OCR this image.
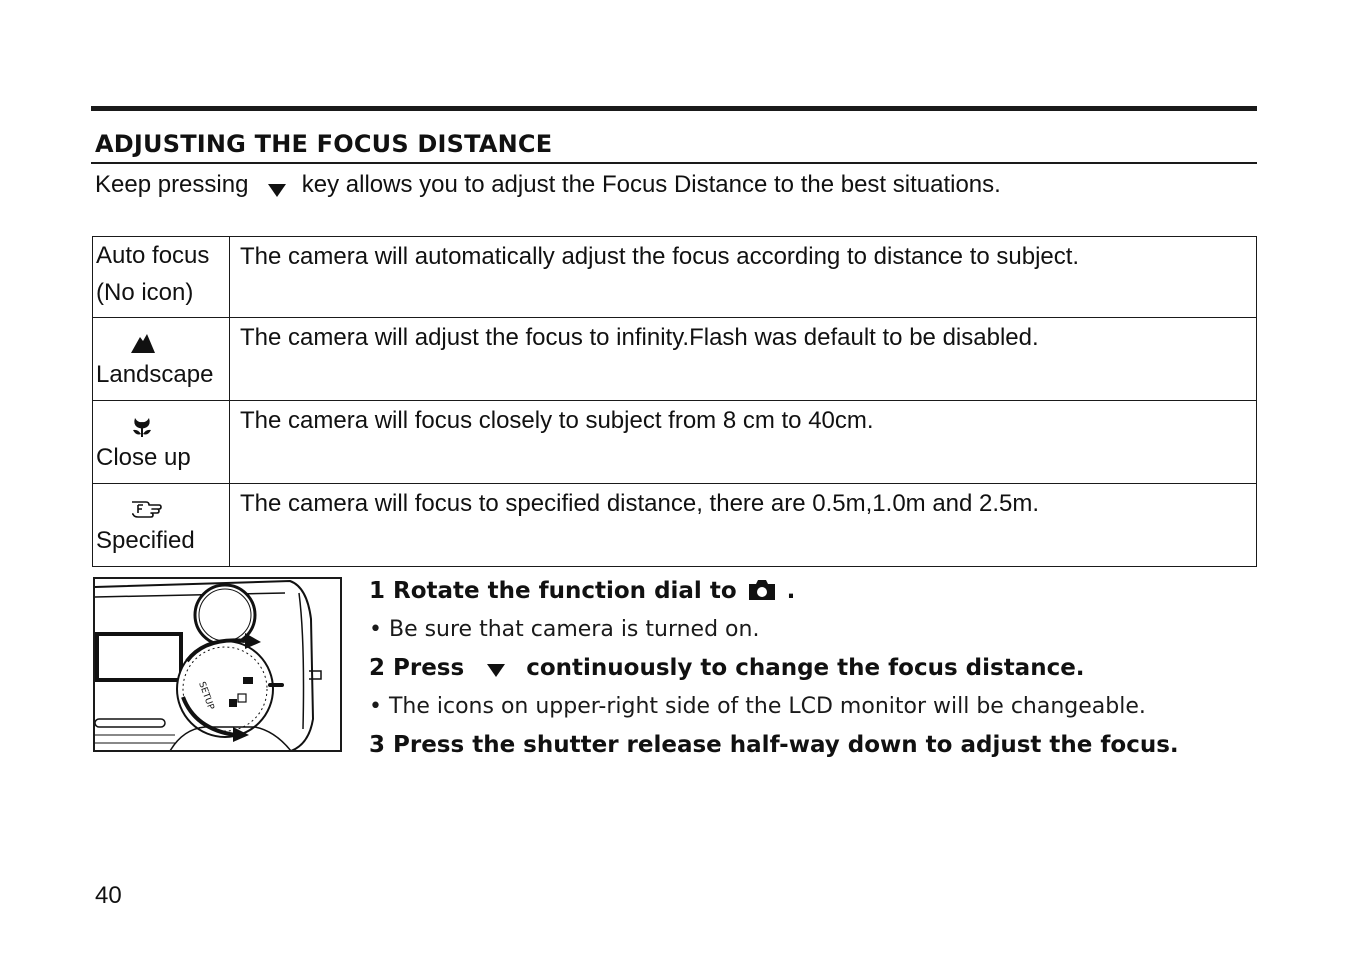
ADJUSTING THE FOCUS DISTANCE
Keep pressing key allows you to adjust the Focus Distance to the best situations.
Auto focus
(No icon)	The camera will automatically adjust the focus according to distance to subject.

Landscape	The camera will adjust the focus to infinity.Flash was default to be disabled.

Close up	The camera will focus closely to subject from 8 cm to 40cm.

Specified	The camera will focus to specified distance, there are 0.5m,1.0m and 2.5m.
SETUP
1 Rotate the function dial to .
• Be sure that camera is turned on.
2 Press	continuously to change the focus distance.
• The icons on upper-right side of the LCD monitor will be changeable.
3 Press the shutter release half-way down to adjust the focus.
40
